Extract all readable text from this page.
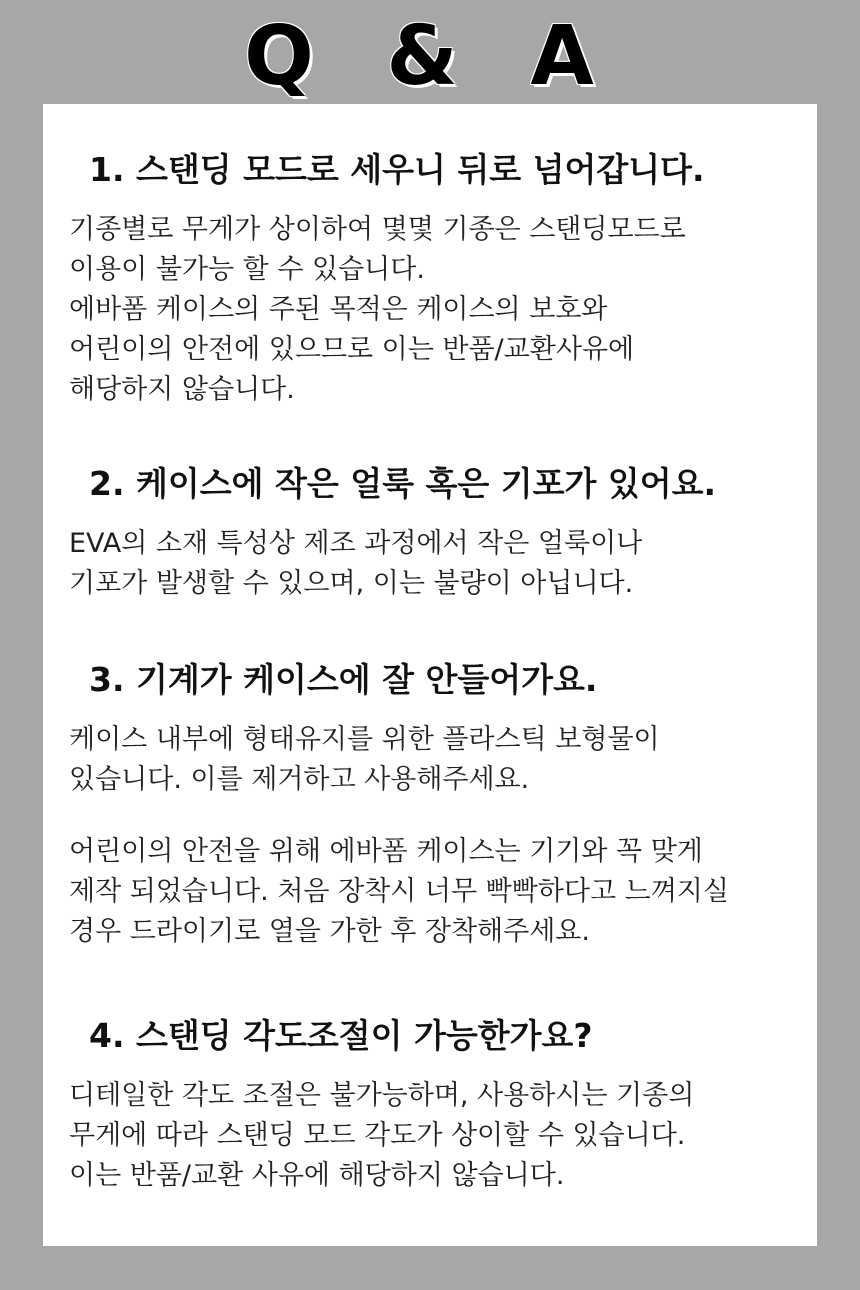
Q & A
1. 스탠딩 모드로 세우니 뒤로 넘어갑니다.

기종별로 무게가 상이하여 몇몇 기종은 스탠딩모드로

이용이 불가능 할 수 있습니다.

에바폼 케이스의 주된 목적은 케이스의 보호와

어린이의 안전에 있으므로 이는 반품/교환사유에

해당하지 않습니다.

2. 케이스에 작은 얼룩 혹은 기포가 있어요.

EVA의 소재 특성상 제조 과정에서 작은 얼룩이나

기포가 발생할 수 있으며, 이는 불량이 아닙니다.

3. 기계가 케이스에 잘 안들어가요.

케이스 내부에 형태유지를 위한 플라스틱 보형물이

있습니다. 이를 제거하고 사용해주세요.

어린이의 안전을 위해 에바폼 케이스는 기기와 꼭 맞게

제작 되었습니다. 처음 장착시 너무 빡빡하다고 느껴지실

경우 드라이기로 열을 가한 후 장착해주세요.

4. 스탠딩 각도조절이 가능한가요?

디테일한 각도 조절은 불가능하며, 사용하시는 기종의

무게에 따라 스탠딩 모드 각도가 상이할 수 있습니다.

이는 반품/교환 사유에 해당하지 않습니다.
